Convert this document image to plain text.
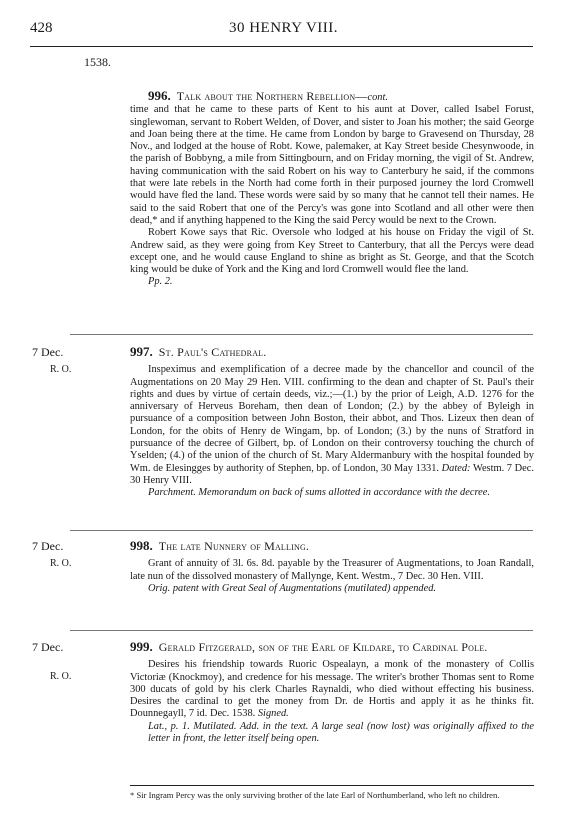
428	30 HENRY VIII.
1538.

996. Talk about the Northern Rebellion—cont.

time and that he came to these parts of Kent to his aunt at Dover, called Isabel Forust, singlewoman, servant to Robert Welden, of Dover, and sister to Joan his mother; the said George and Joan being there at the time. He came from London by barge to Gravesend on Thursday, 28 Nov., and lodged at the house of Robt. Kowe, palemaker, at Kay Street beside Chesynwoode, in the parish of Bobbyng, a mile from Sittingbourn, and on Friday morning, the vigil of St. Andrew, having communication with the said Robert on his way to Canterbury he said, if the commons that were late rebels in the North had come forth in their purposed journey the lord Cromwell would have fled the land. These words were said by so many that he cannot tell their names. He said to the said Robert that one of the Percy's was gone into Scotland and all other were then dead,* and if anything happened to the King the said Percy would be next to the Crown.

Robert Kowe says that Ric. Oversole who lodged at his house on Friday the vigil of St. Andrew said, as they were going from Key Street to Canterbury, that all the Percys were dead except one, and he would cause England to shine as bright as St. George, and that the Scotch king would be duke of York and the King and lord Cromwell would flee the land.

Pp. 2.

7 Dec.
R. O.

997. St. Paul's Cathedral.

Inspeximus and exemplification of a decree made by the chancellor and council of the Augmentations on 20 May 29 Hen. VIII. confirming to the dean and chapter of St. Paul's their rights and dues by virtue of certain deeds, viz.;—(1.) by the prior of Leigh, A.D. 1276 for the anniversary of Herveus Boreham, then dean of London; (2.) by the abbey of Byleigh in pursuance of a composition between John Boston, their abbot, and Thos. Lizeux then dean of London, for the obits of Henry de Wingam, bp. of London; (3.) by the nuns of Stratford in pursuance of the decree of Gilbert, bp. of London on their controversy touching the church of Yselden; (4.) of the union of the church of St. Mary Aldermanbury with the hospital founded by Wm. de Elesingges by authority of Stephen, bp. of London, 30 May 1331. Dated: Westm. 7 Dec. 30 Henry VIII.

Parchment. Memorandum on back of sums allotted in accordance with the decree.

7 Dec.
R. O.

998. The late Nunnery of Malling.

Grant of annuity of 3l. 6s. 8d. payable by the Treasurer of Augmentations, to Joan Randall, late nun of the dissolved monastery of Mallynge, Kent. Westm., 7 Dec. 30 Hen. VIII.

Orig. patent with Great Seal of Augmentations (mutilated) appended.

7 Dec.
R. O.

999. Gerald Fitzgerald, son of the Earl of Kildare, to Cardinal Pole.

Desires his friendship towards Ruoric Ospealayn, a monk of the monastery of Collis Victoriæ (Knockmoy), and credence for his message. The writer's brother Thomas sent to Rome 300 ducats of gold by his clerk Charles Raynaldi, who died without effecting his business. Desires the cardinal to get the money from Dr. de Hortis and apply it as he thinks fit. Dounnegayll, 7 id. Dec. 1538. Signed.

Lat., p. 1. Mutilated. Add. in the text. A large seal (now lost) was originally affixed to the letter in front, the letter itself being open.

* Sir Ingram Percy was the only surviving brother of the late Earl of Northumberland, who left no children.
